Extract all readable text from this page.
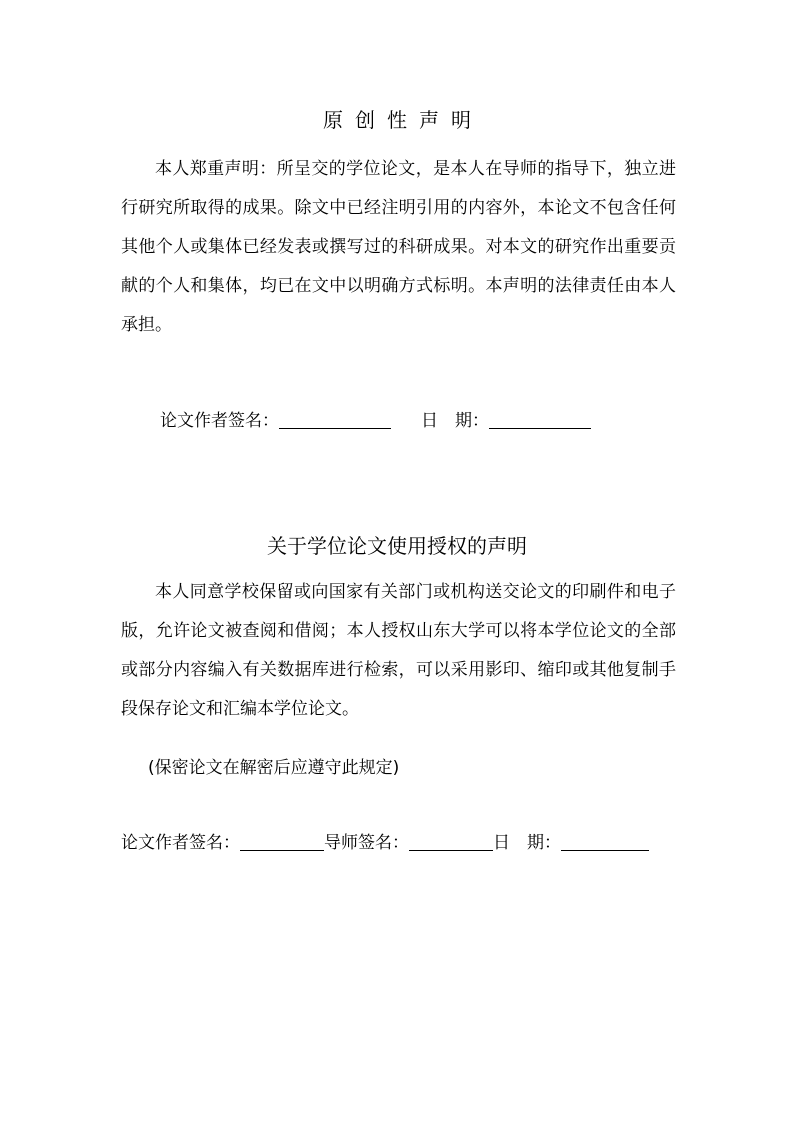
原创性声明
本人郑重声明：所呈交的学位论文，是本人在导师的指导下，独立进行研究所取得的成果。除文中已经注明引用的内容外，本论文不包含任何其他个人或集体已经发表或撰写过的科研成果。对本文的研究作出重要贡献的个人和集体，均已在文中以明确方式标明。本声明的法律责任由本人承担。
论文作者签名：	日　期：
关于学位论文使用授权的声明
本人同意学校保留或向国家有关部门或机构送交论文的印刷件和电子版，允许论文被查阅和借阅；本人授权山东大学可以将本学位论文的全部或部分内容编入有关数据库进行检索，可以采用影印、缩印或其他复制手段保存论文和汇编本学位论文。
(保密论文在解密后应遵守此规定)
论文作者签名：	导师签名：	日　期：
